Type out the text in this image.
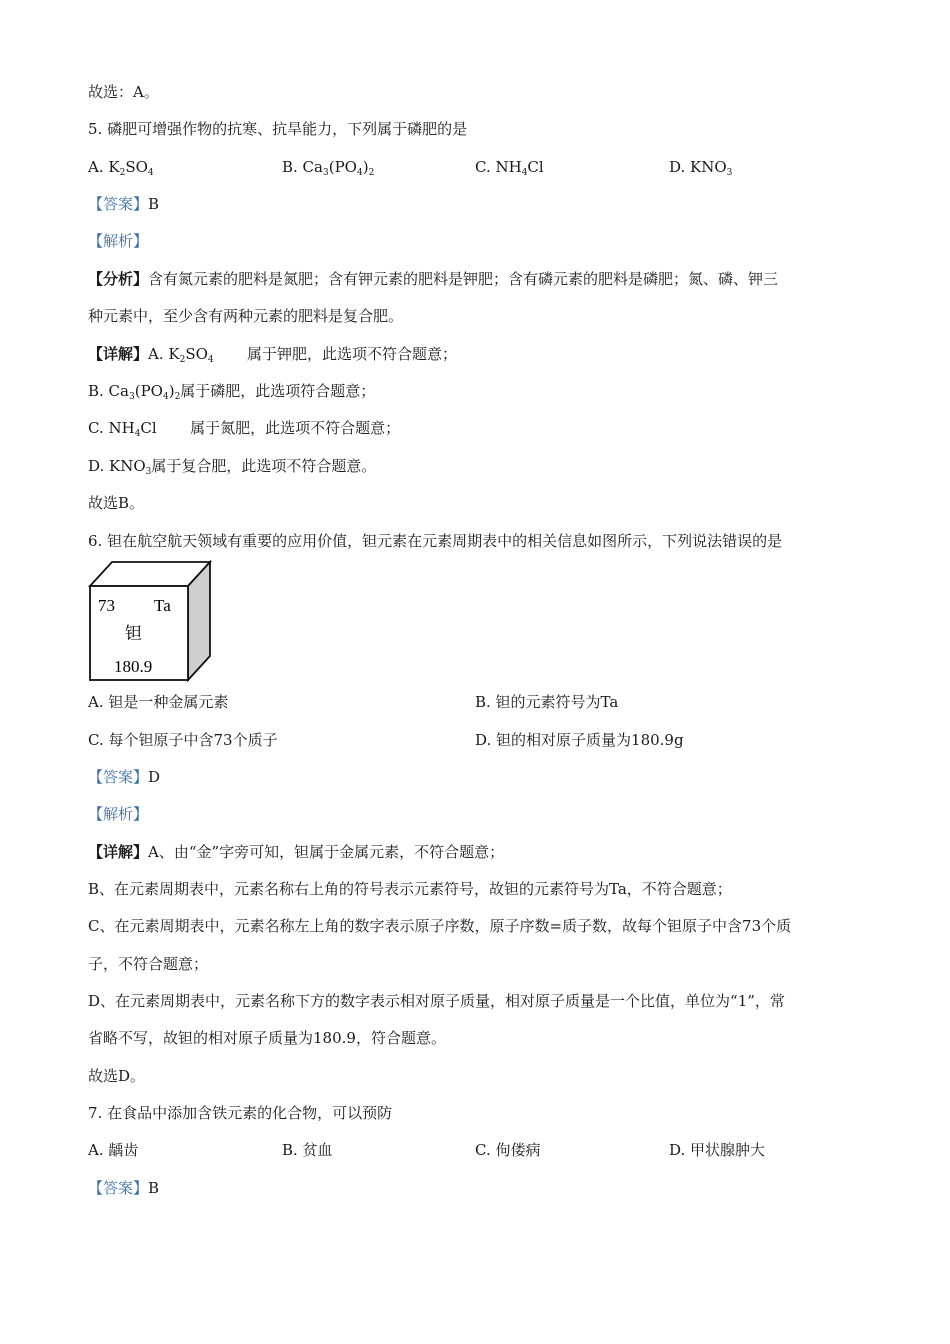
故选：A。
5. 磷肥可增强作物的抗寒、抗旱能力，下列属于磷肥的是
A. $K_2SO_4$	B. $Ca_3(PO_4)_2$	C. $NH_4Cl$	D. $KNO_3$
【答案】B
【解析】
【分析】含有氮元素的肥料是氮肥；含有钾元素的肥料是钾肥；含有磷元素的肥料是磷肥；氮、磷、钾三
种元素中，至少含有两种元素的肥料是复合肥。
【详解】A. $K_2SO_4$       属于钾肥，此选项不符合题意；
B. $Ca_3(PO_4)_2$属于磷肥，此选项符合题意；
C. $NH_4Cl$       属于氮肥，此选项不符合题意；
D. $KNO_3$属于复合肥，此选项不符合题意。
故选B。
6. 钽在航空航天领域有重要的应用价值，钽元素在元素周期表中的相关信息如图所示，下列说法错误的是
73 Ta
钽
180.9
A. 钽是一种金属元素	B. 钽的元素符号为Ta
C. 每个钽原子中含73个质子	D. 钽的相对原子质量为180.9g
【答案】D
【解析】
【详解】A、由“金”字旁可知，钽属于金属元素，不符合题意；
B、在元素周期表中，元素名称右上角的符号表示元素符号，故钽的元素符号为Ta，不符合题意；
C、在元素周期表中，元素名称左上角的数字表示原子序数，原子序数=质子数，故每个钽原子中含73个质
子，不符合题意；
D、在元素周期表中，元素名称下方的数字表示相对原子质量，相对原子质量是一个比值，单位为“1”，常
省略不写，故钽的相对原子质量为180.9，符合题意。
故选D。
7. 在食品中添加含铁元素的化合物，可以预防
A. 龋齿	B. 贫血	C. 佝偻病	D. 甲状腺肿大
【答案】B
